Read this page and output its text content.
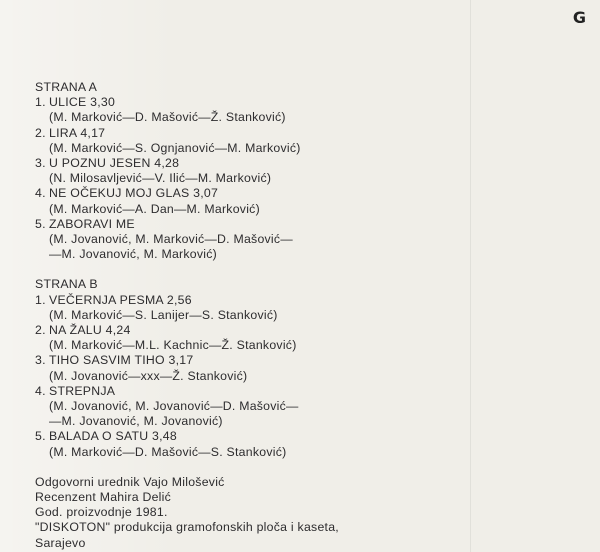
G
STRANA A
1. ULICE 3,30
(M. Marković—D. Mašović—Ž. Stanković)
2. LIRA 4,17
(M. Marković—S. Ognjanović—M. Marković)
3. U POZNU JESEN 4,28
(N. Milosavljević—V. Ilić—M. Marković)
4. NE OČEKUJ MOJ GLAS 3,07
(M. Marković—A. Dan—M. Marković)
5. ZABORAVI ME
(M. Jovanović, M. Marković—D. Mašović—
—M. Jovanović, M. Marković)
STRANA B
1. VEČERNJA PESMA 2,56
(M. Marković—S. Lanijer—S. Stanković)
2. NA ŽALU 4,24
(M. Marković—M.L. Kachnic—Ž. Stanković)
3. TIHO SASVIM TIHO 3,17
(M. Jovanović—xxx—Ž. Stanković)
4. STREPNJA
(M. Jovanović, M. Jovanović—D. Mašović—
—M. Jovanović, M. Jovanović)
5. BALADA O SATU 3,48
(M. Marković—D. Mašović—S. Stanković)
Odgovorni urednik Vajo Milošević
Recenzent Mahira Delić
God. proizvodnje 1981.
"DISKOTON" produkcija gramofonskih ploča i kaseta,
Sarajevo
